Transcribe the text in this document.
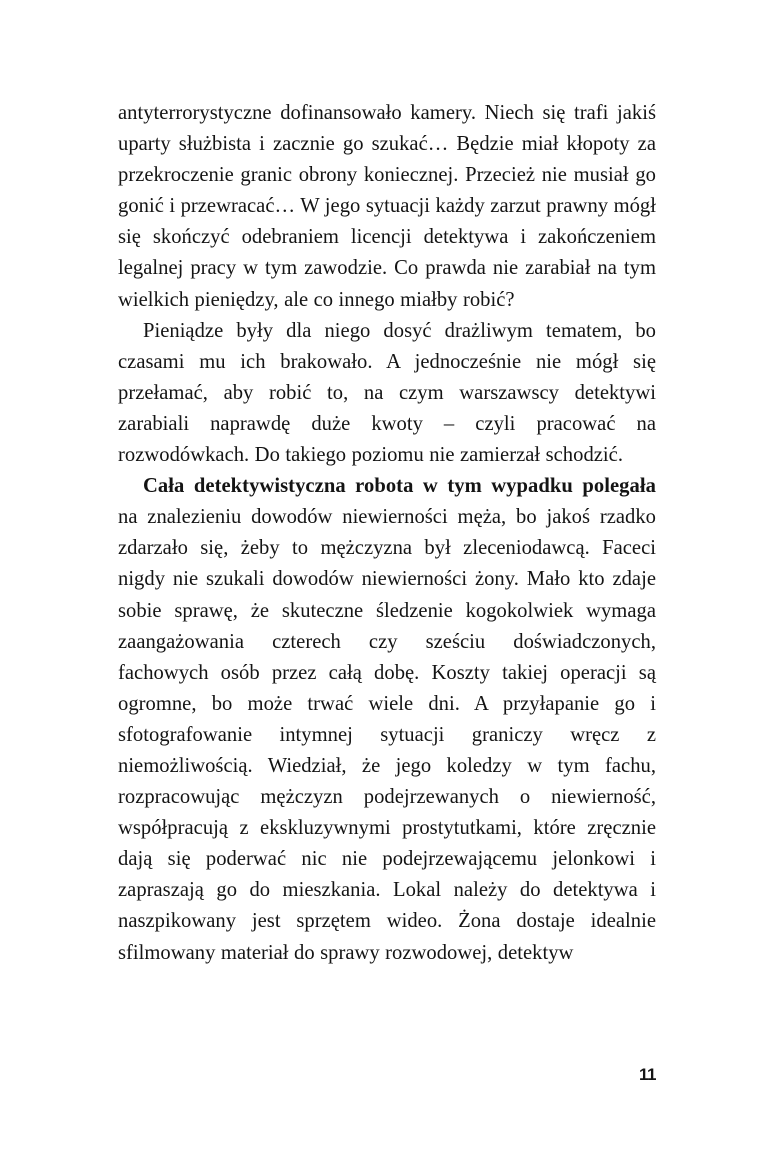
antyterrorystyczne dofinansowało kamery. Niech się trafi jakiś uparty służbista i zacznie go szukać… Będzie miał kłopoty za przekroczenie granic obrony koniecznej. Przecież nie musiał go gonić i przewracać… W jego sytuacji każdy zarzut prawny mógł się skończyć odebraniem licencji detektywa i zakończeniem legalnej pracy w tym zawodzie. Co prawda nie zarabiał na tym wielkich pieniędzy, ale co innego miałby robić?

Pieniądze były dla niego dosyć drażliwym tematem, bo czasami mu ich brakowało. A jednocześnie nie mógł się przełamać, aby robić to, na czym warszawscy detektywi zarabiali naprawdę duże kwoty – czyli pracować na rozwodówkach. Do takiego poziomu nie zamierzał schodzić.

Cała detektywistyczna robota w tym wypadku polegała na znalezieniu dowodów niewierności męża, bo jakoś rzadko zdarzało się, żeby to mężczyzna był zleceniodawcą. Faceci nigdy nie szukali dowodów niewierności żony. Mało kto zdaje sobie sprawę, że skuteczne śledzenie kogokolwiek wymaga zaangażowania czterech czy sześciu doświadczonych, fachowych osób przez całą dobę. Koszty takiej operacji są ogromne, bo może trwać wiele dni. A przyłapanie go i sfotografowanie intymnej sytuacji graniczy wręcz z niemożliwością. Wiedział, że jego koledzy w tym fachu, rozpracowując mężczyzn podejrzewanych o niewierność, współpracują z ekskluzywnymi prostytutkami, które zręcznie dają się poderwać nic nie podejrzewającemu jelonkowi i zapraszają go do mieszkania. Lokal należy do detektywa i naszpikowany jest sprzętem wideo. Żona dostaje idealnie sfilmowany materiał do sprawy rozwodowej, detektyw

11
